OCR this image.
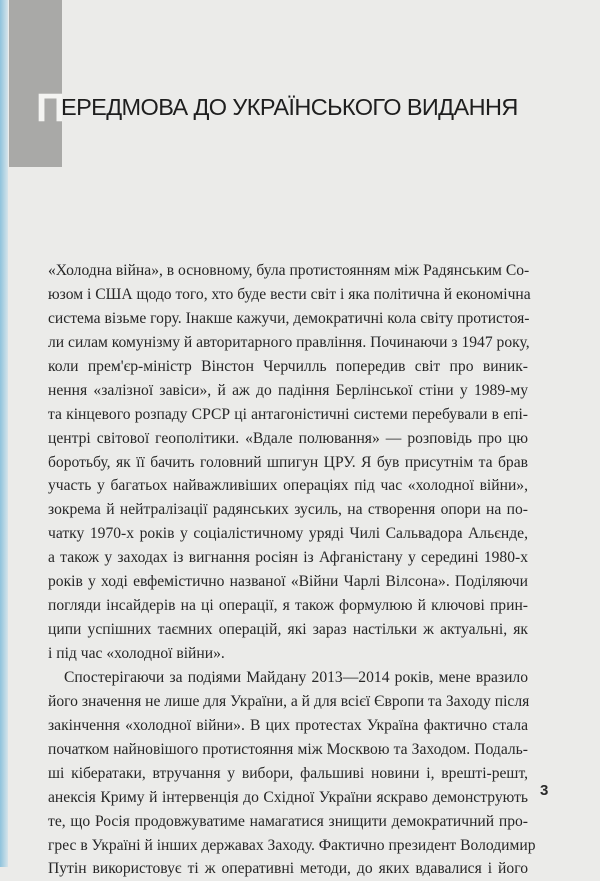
П
ЕРЕДМОВА ДО УКРАЇНСЬКОГО ВИДАННЯ
«Холодна війна», в основному, була протистоянням між Радянським Со-
юзом і США щодо того, хто буде вести світ і яка політична й економічна
система візьме гору. Інакше кажучи, демократичні кола світу протистоя-
ли силам комунізму й авторитарного правління. Починаючи з 1947 року,
коли прем'єр-міністр Вінстон Черчилль попередив світ про виник-
нення «залізної завіси», й аж до падіння Берлінської стіни у 1989-му
та кінцевого розпаду СРСР ці антагоністичні системи перебували в епі-
центрі світової геополітики. «Вдале полювання» — розповідь про цю
боротьбу, як її бачить головний шпигун ЦРУ. Я був присутнім та брав
участь у багатьох найважливіших операціях під час «холодної війни»,
зокрема й нейтралізації радянських зусиль, на створення опори на по-
чатку 1970-х років у соціалістичному уряді Чилі Сальвадора Альєнде,
а також у заходах із вигнання росіян із Афганістану у середині 1980-х
років у ході евфемістично названої «Війни Чарлі Вілсона». Поділяючи
погляди інсайдерів на ці операції, я також формулюю й ключові прин-
ципи успішних таємних операцій, які зараз настільки ж актуальні, як
і під час «холодної війни».
Спостерігаючи за подіями Майдану 2013—2014 років, мене вразило
його значення не лише для України, а й для всієї Європи та Заходу після
закінчення «холодної війни». В цих протестах Україна фактично стала
початком найновішого протистояння між Москвою та Заходом. Подаль-
ші кібератаки, втручання у вибори, фальшиві новини і, врешті-решт,
анексія Криму й інтервенція до Східної України яскраво демонструють
те, що Росія продовжуватиме намагатися знищити демократичний про-
грес в Україні й інших державах Заходу. Фактично президент Володимир
Путін використовує ті ж оперативні методи, до яких вдавалися і його
3
